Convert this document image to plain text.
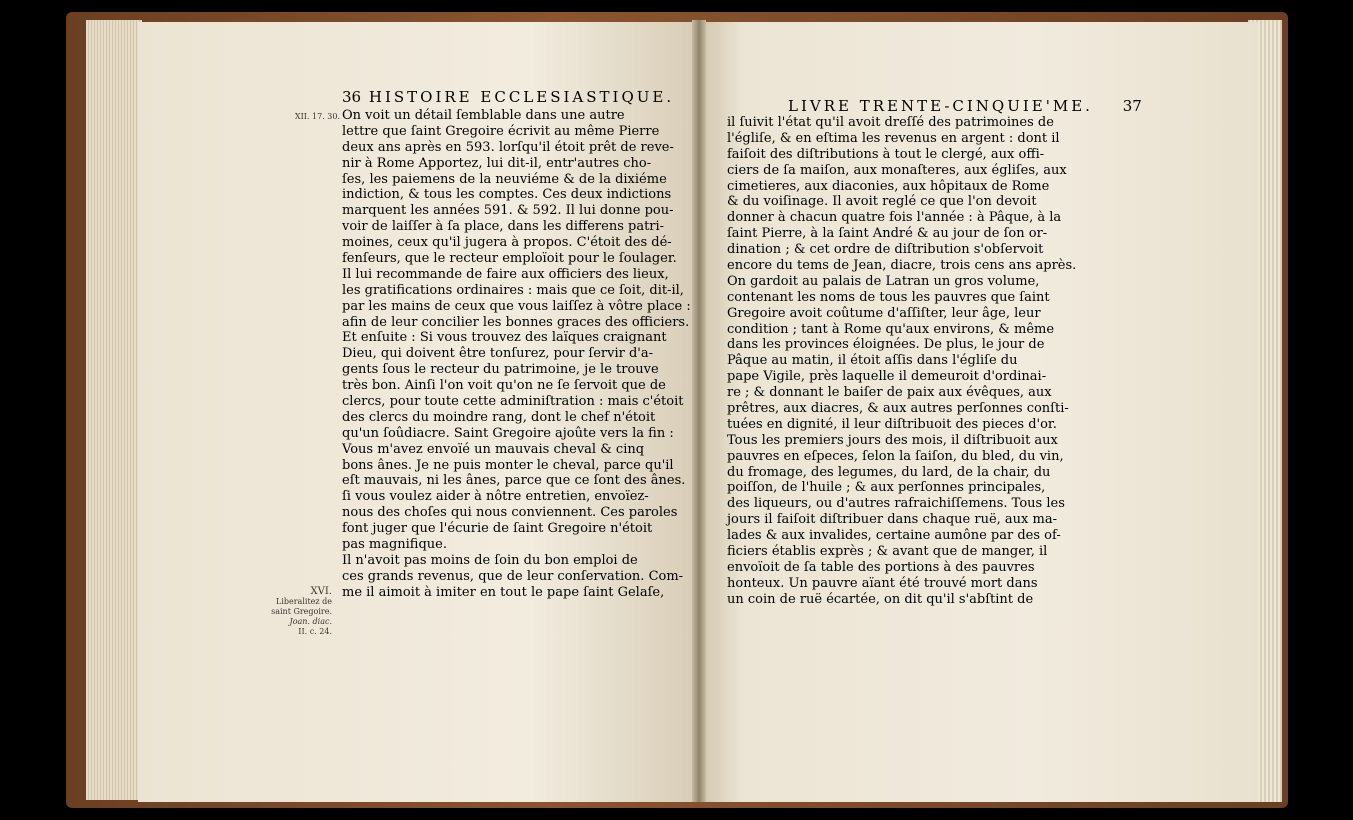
36 HISTOIRE ECCLESIASTIQUE.
XII. 17. 30.
XVI.
Liberalitez de
saint Gregoire.
Joan. diac.
II. c. 24.
On voit un détail ſemblable dans une autre
lettre que ſaint Gregoire écrivit au même Pierre
deux ans après en 593. lorſqu'il étoit prêt de reve-
nir à Rome Apportez, lui dit-il, entr'autres cho-
ſes, les paiemens de la neuviéme & de la dixiéme
indiction, & tous les comptes. Ces deux indictions
marquent les années 591. & 592. Il lui donne pou-
voir de laiſſer à ſa place, dans les differens patri-
moines, ceux qu'il jugera à propos. C'étoit des dé-
fenſeurs, que le recteur emploïoit pour le ſoulager.
Il lui recommande de faire aux officiers des lieux,
les gratifications ordinaires : mais que ce ſoit, dit-il,
par les mains de ceux que vous laiſſez à vôtre place :
afin de leur concilier les bonnes graces des officiers.
Et enſuite : Si vous trouvez des laïques craignant
Dieu, qui doivent être tonſurez, pour ſervir d'a-
gents ſous le recteur du patrimoine, je le trouve
très bon. Ainſi l'on voit qu'on ne ſe ſervoit que de
clercs, pour toute cette adminiſtration : mais c'étoit
des clercs du moindre rang, dont le chef n'étoit
qu'un ſoûdiacre. Saint Gregoire ajoûte vers la fin :
Vous m'avez envoïé un mauvais cheval & cinq
bons ânes. Je ne puis monter le cheval, parce qu'il
eſt mauvais, ni les ânes, parce que ce ſont des ânes.
ſi vous voulez aider à nôtre entretien, envoïez-
nous des choſes qui nous conviennent. Ces paroles
font juger que l'écurie de ſaint Gregoire n'étoit
pas magnifique.
Il n'avoit pas moins de ſoin du bon emploi de
ces grands revenus, que de leur conſervation. Com-
me il aimoit à imiter en tout le pape ſaint Gelaſe,
LIVRE TRENTE-CINQUIE'ME. 37
il ſuivit l'état qu'il avoit dreſſé des patrimoines de
l'égliſe, & en eſtima les revenus en argent : dont il
faiſoit des diſtributions à tout le clergé, aux offi-
ciers de ſa maiſon, aux monaſteres, aux égliſes, aux
cimetieres, aux diaconies, aux hôpitaux de Rome
& du voiſinage. Il avoit reglé ce que l'on devoit
donner à chacun quatre fois l'année : à Pâque, à la
ſaint Pierre, à la ſaint André & au jour de ſon or-
dination ; & cet ordre de diſtribution s'obſervoit
encore du tems de Jean, diacre, trois cens ans après.
On gardoit au palais de Latran un gros volume,
contenant les noms de tous les pauvres que ſaint
Gregoire avoit coûtume d'aſſiſter, leur âge, leur
condition ; tant à Rome qu'aux environs, & même
dans les provinces éloignées. De plus, le jour de
Pâque au matin, il étoit aſſis dans l'égliſe du
pape Vigile, près laquelle il demeuroit d'ordinai-
re ; & donnant le baiſer de paix aux évêques, aux
prêtres, aux diacres, & aux autres perſonnes conſti-
tuées en dignité, il leur diſtribuoit des pieces d'or.
Tous les premiers jours des mois, il diſtribuoit aux
pauvres en eſpeces, ſelon la ſaiſon, du bled, du vin,
du fromage, des legumes, du lard, de la chair, du
poiſſon, de l'huile ; & aux perſonnes principales,
des liqueurs, ou d'autres rafraichiſſemens. Tous les
jours il faiſoit diſtribuer dans chaque ruë, aux ma-
lades & aux invalides, certaine aumône par des of-
ficiers établis exprès ; & avant que de manger, il
envoïoit de ſa table des portions à des pauvres
honteux. Un pauvre aïant été trouvé mort dans
un coin de ruë écartée, on dit qu'il s'abſtint de
